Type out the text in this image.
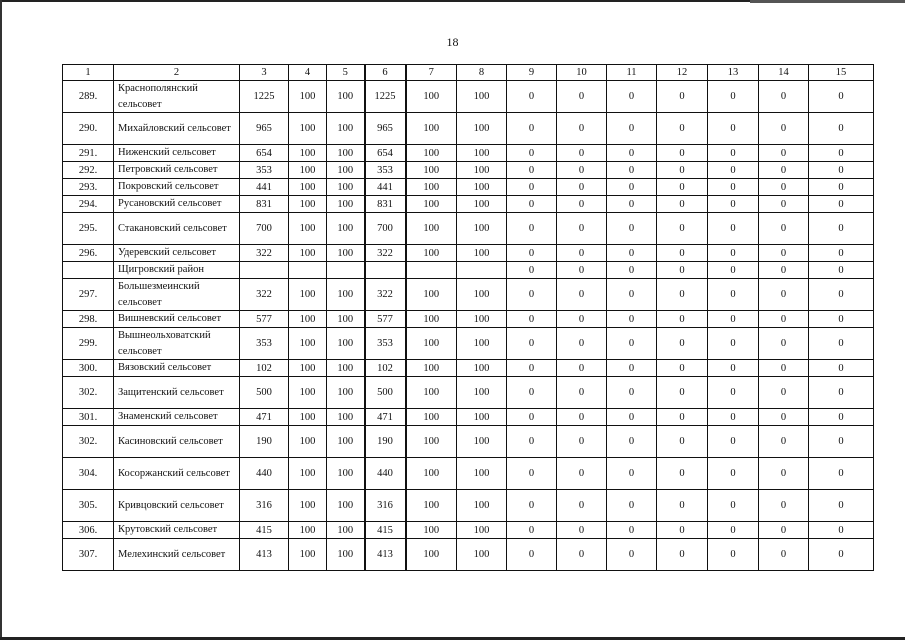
18
1	2	3	4	5	6	7	8	9	10	11	12	13	14	15
289.	Краснополянский сельсовет	1225	100	100	1225	100	100	0	0	0	0	0	0	0
290.	Михайловский сельсовет	965	100	100	965	100	100	0	0	0	0	0	0	0
291.	Ниженский сельсовет	654	100	100	654	100	100	0	0	0	0	0	0	0
292.	Петровский сельсовет	353	100	100	353	100	100	0	0	0	0	0	0	0
293.	Покровский сельсовет	441	100	100	441	100	100	0	0	0	0	0	0	0
294.	Русановский сельсовет	831	100	100	831	100	100	0	0	0	0	0	0	0
295.	Стакановский сельсовет	700	100	100	700	100	100	0	0	0	0	0	0	0
296.	Удеревский сельсовет	322	100	100	322	100	100	0	0	0	0	0	0	0
	Щигровский район							0	0	0	0	0	0	0
297.	Большезмеинский сельсовет	322	100	100	322	100	100	0	0	0	0	0	0	0
298.	Вишневский сельсовет	577	100	100	577	100	100	0	0	0	0	0	0	0
299.	Вышнеольховатский сельсовет	353	100	100	353	100	100	0	0	0	0	0	0	0
300.	Вязовский сельсовет	102	100	100	102	100	100	0	0	0	0	0	0	0
302.	Защитенский сельсовет	500	100	100	500	100	100	0	0	0	0	0	0	0
301.	Знаменский сельсовет	471	100	100	471	100	100	0	0	0	0	0	0	0
302.	Касиновский сельсовет	190	100	100	190	100	100	0	0	0	0	0	0	0
304.	Косоржанский сельсовет	440	100	100	440	100	100	0	0	0	0	0	0	0
305.	Кривцовский сельсовет	316	100	100	316	100	100	0	0	0	0	0	0	0
306.	Крутовский сельсовет	415	100	100	415	100	100	0	0	0	0	0	0	0
307.	Мелехинский сельсовет	413	100	100	413	100	100	0	0	0	0	0	0	0
